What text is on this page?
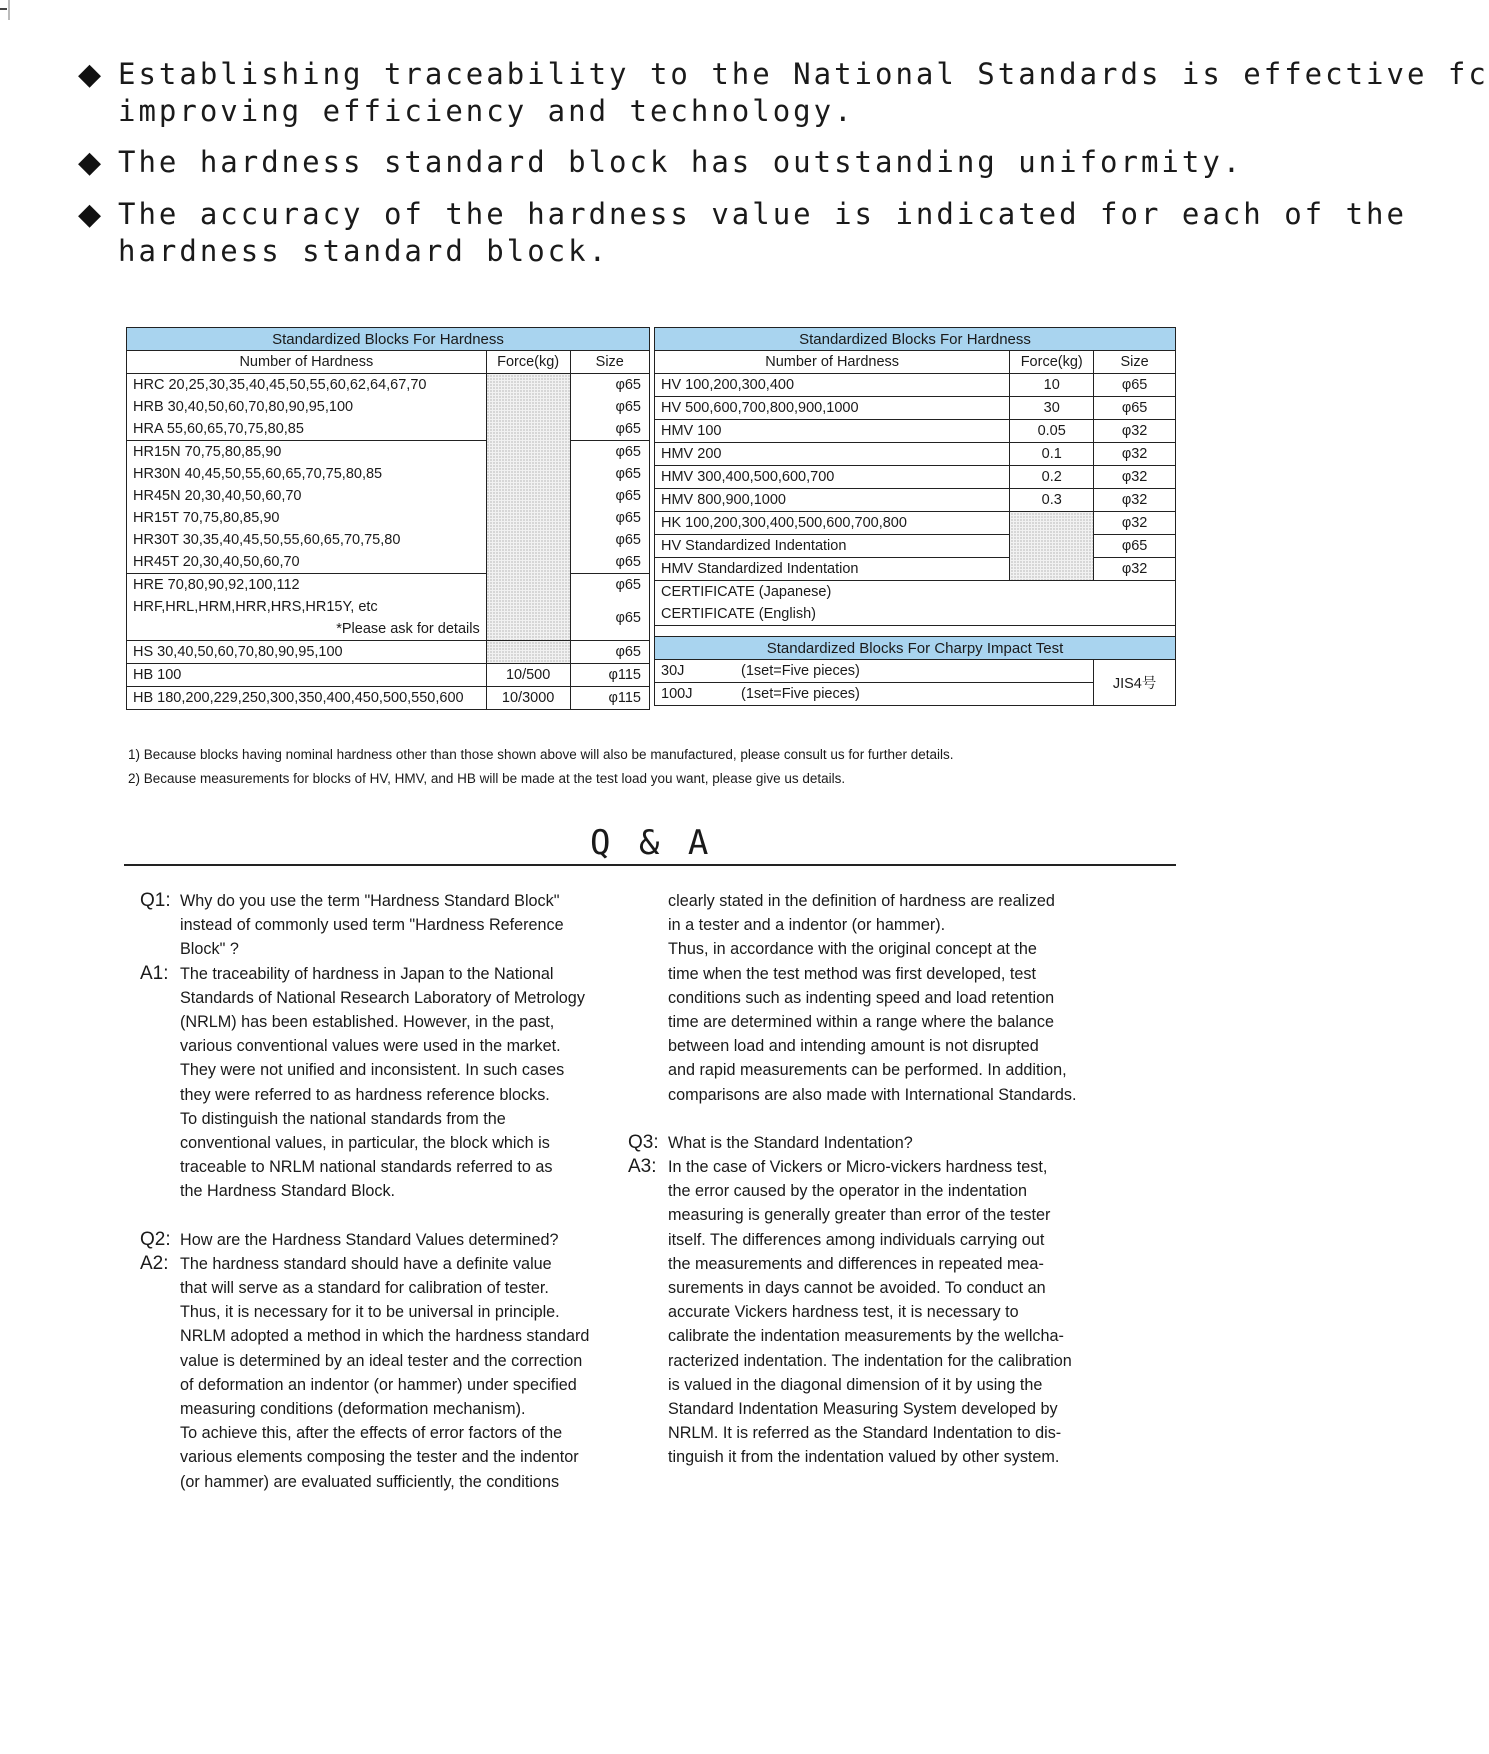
◆ Establishing traceability to the National Standards is effective fc
improving efficiency and technology.
◆ The hardness standard block has outstanding uniformity.
◆ The accuracy of the hardness value is indicated for each of the
hardness standard block.
Standardized Blocks For Hardness		
Number of Hardness	Force(kg)	Size
HRC 20,25,30,35,40,45,50,55,60,62,64,67,70		φ65
HRB 30,40,50,60,70,80,90,95,100		φ65
HRA 55,60,65,70,75,80,85		φ65
HR15N 70,75,80,85,90		φ65
HR30N 40,45,50,55,60,65,70,75,80,85		φ65
HR45N 20,30,40,50,60,70		φ65
HR15T 70,75,80,85,90		φ65
HR30T 30,35,40,45,50,55,60,65,70,75,80		φ65
HR45T 20,30,40,50,60,70		φ65
HRE 70,80,90,92,100,112		φ65

HRF,HRL,HRM,HRR,HRS,HR15Y, etc
*Please ask for details		φ65
HS 30,40,50,60,70,80,90,95,100		φ65
HB 100	10/500	φ115
HB 180,200,229,250,300,350,400,450,500,550,600	10/3000	φ115
Standardized Blocks For Hardness		
Number of Hardness	Force(kg)	Size
HV 100,200,300,400	10	φ65
HV 500,600,700,800,900,1000	30	φ65
HMV 100	0.05	φ32
HMV 200	0.1	φ32
HMV 300,400,500,600,700	0.2	φ32
HMV 800,900,1000	0.3	φ32
HK 100,200,300,400,500,600,700,800		φ32
HV Standardized Indentation		φ65
HMV Standardized Indentation		φ32
CERTIFICATE (Japanese)		
CERTIFICATE (English)		

Standardized Blocks For Charpy Impact Test		
30J (1set=Five pieces)		JIS4号
100J (1set=Five pieces)		
1) Because blocks having nominal hardness other than those shown above will also be manufactured, please consult us for further details.
2) Because measurements for blocks of HV, HMV, and HB will be made at the test load you want, please give us details.
Q & A
Q1: Why do you use the term "Hardness Standard Block"
instead of commonly used term "Hardness Reference
Block" ?
A1: The traceability of hardness in Japan to the National
Standards of National Research Laboratory of Metrology
(NRLM) has been established. However, in the past,
various conventional values were used in the market.
They were not unified and inconsistent. In such cases
they were referred to as hardness reference blocks.
To distinguish the national standards from the
conventional values, in particular, the block which is
traceable to NRLM national standards referred to as
the Hardness Standard Block.
Q2: How are the Hardness Standard Values determined?
A2: The hardness standard should have a definite value
that will serve as a standard for calibration of tester.
Thus, it is necessary for it to be universal in principle.
NRLM adopted a method in which the hardness standard
value is determined by an ideal tester and the correction
of deformation an indentor (or hammer) under specified
measuring conditions (deformation mechanism).
To achieve this, after the effects of error factors of the
various elements composing the tester and the indentor
(or hammer) are evaluated sufficiently, the conditions
clearly stated in the definition of hardness are realized
in a tester and a indentor (or hammer).
Thus, in accordance with the original concept at the
time when the test method was first developed, test
conditions such as indenting speed and load retention
time are determined within a range where the balance
between load and intending amount is not disrupted
and rapid measurements can be performed. In addition,
comparisons are also made with International Standards.
Q3: What is the Standard Indentation?
A3: In the case of Vickers or Micro-vickers hardness test,
the error caused by the operator in the indentation
measuring is generally greater than error of the tester
itself. The differences among individuals carrying out
the measurements and differences in repeated mea-
surements in days cannot be avoided. To conduct an
accurate Vickers hardness test, it is necessary to
calibrate the indentation measurements by the wellcha-
racterized indentation. The indentation for the calibration
is valued in the diagonal dimension of it by using the
Standard Indentation Measuring System developed by
NRLM. It is referred as the Standard Indentation to dis-
tinguish it from the indentation valued by other system.
